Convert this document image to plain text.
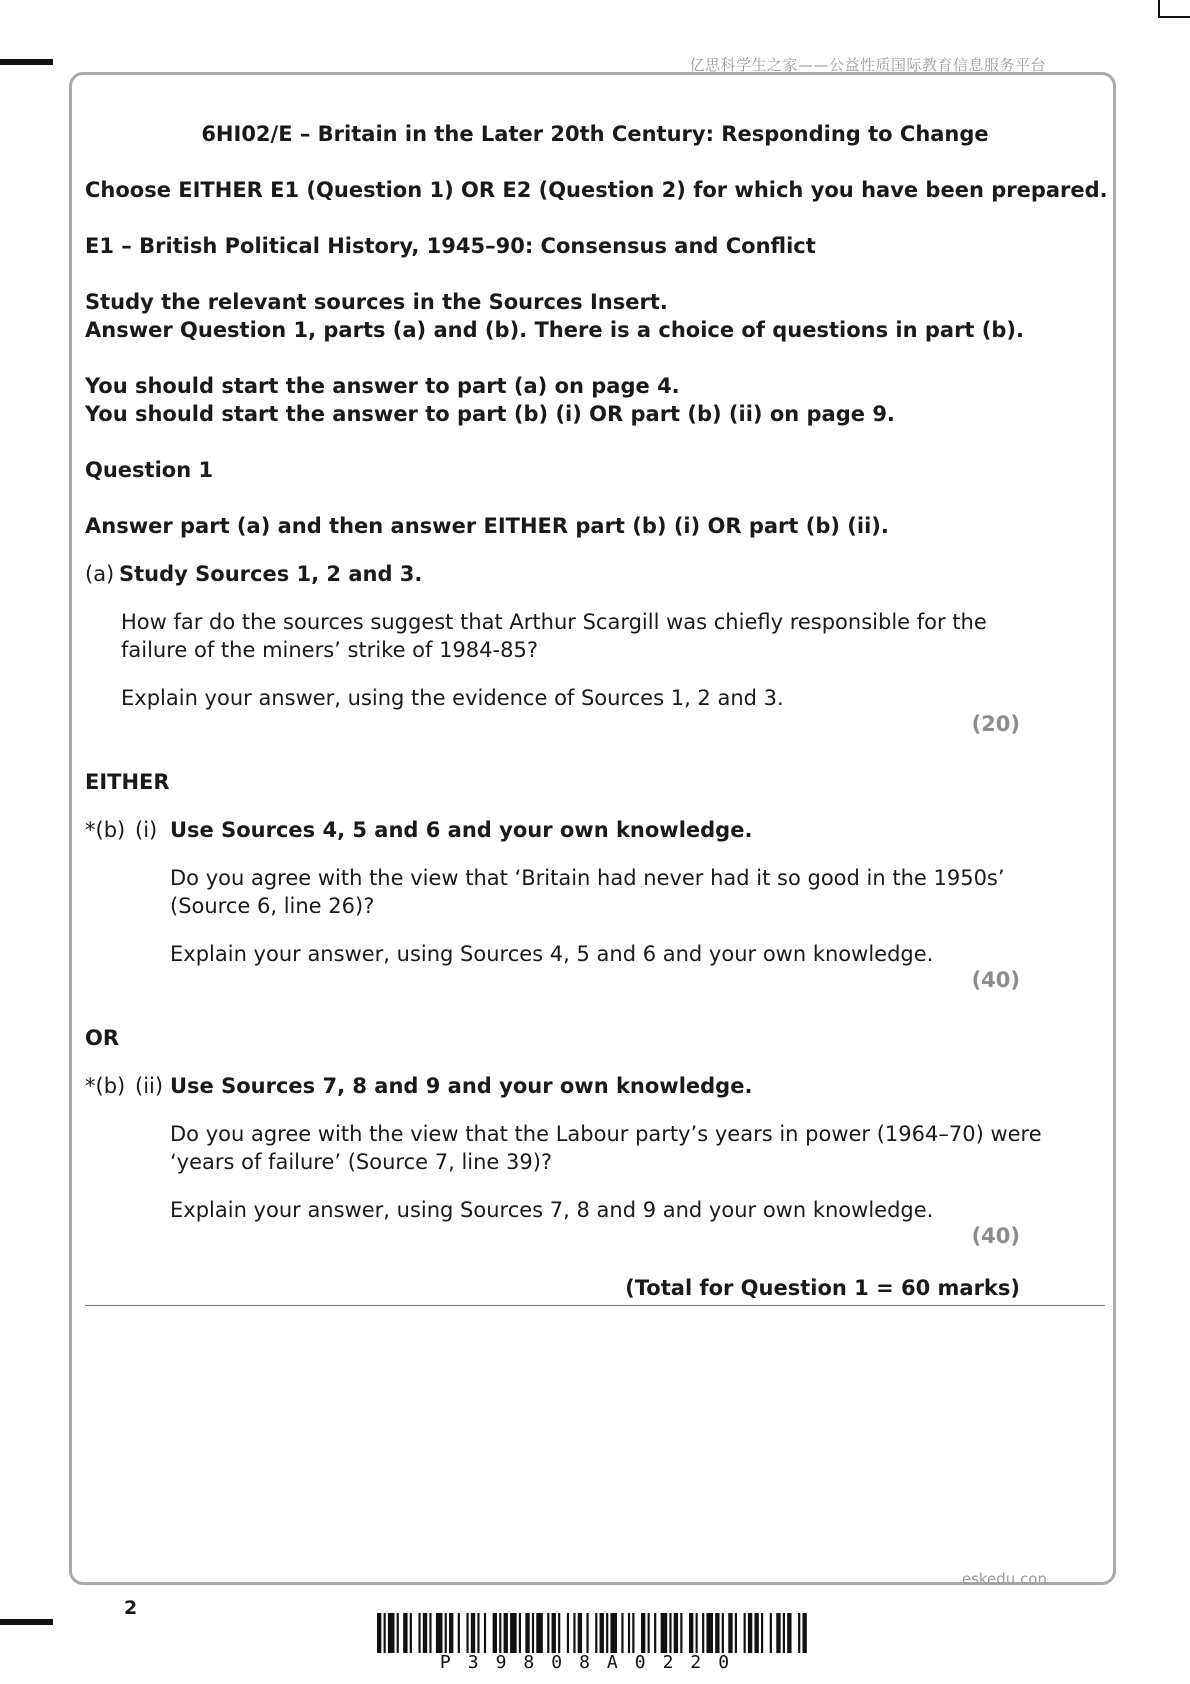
亿思科学生之家——公益性质国际教育信息服务平台
6HI02/E – Britain in the Later 20th Century: Responding to Change
Choose EITHER E1 (Question 1) OR E2 (Question 2) for which you have been prepared.
E1 – British Political History, 1945–90: Consensus and Conflict
Study the relevant sources in the Sources Insert.
Answer Question 1, parts (a) and (b). There is a choice of questions in part (b).
You should start the answer to part (a) on page 4.
You should start the answer to part (b) (i) OR part (b) (ii) on page 9.
Question 1
Answer part (a) and then answer EITHER part (b) (i) OR part (b) (ii).
(a) Study Sources 1, 2 and 3.
How far do the sources suggest that Arthur Scargill was chiefly responsible for the
failure of the miners’ strike of 1984-85?
Explain your answer, using the evidence of Sources 1, 2 and 3.
(20)
EITHER
*(b) (i) Use Sources 4, 5 and 6 and your own knowledge.
Do you agree with the view that ‘Britain had never had it so good in the 1950s’
(Source 6, line 26)?
Explain your answer, using Sources 4, 5 and 6 and your own knowledge.
(40)
OR
*(b) (ii) Use Sources 7, 8 and 9 and your own knowledge.
Do you agree with the view that the Labour party’s years in power (1964–70) were
‘years of failure’ (Source 7, line 39)?
Explain your answer, using Sources 7, 8 and 9 and your own knowledge.
(40)
(Total for Question 1 = 60 marks)
eskedu.con
2
P39808A0220
